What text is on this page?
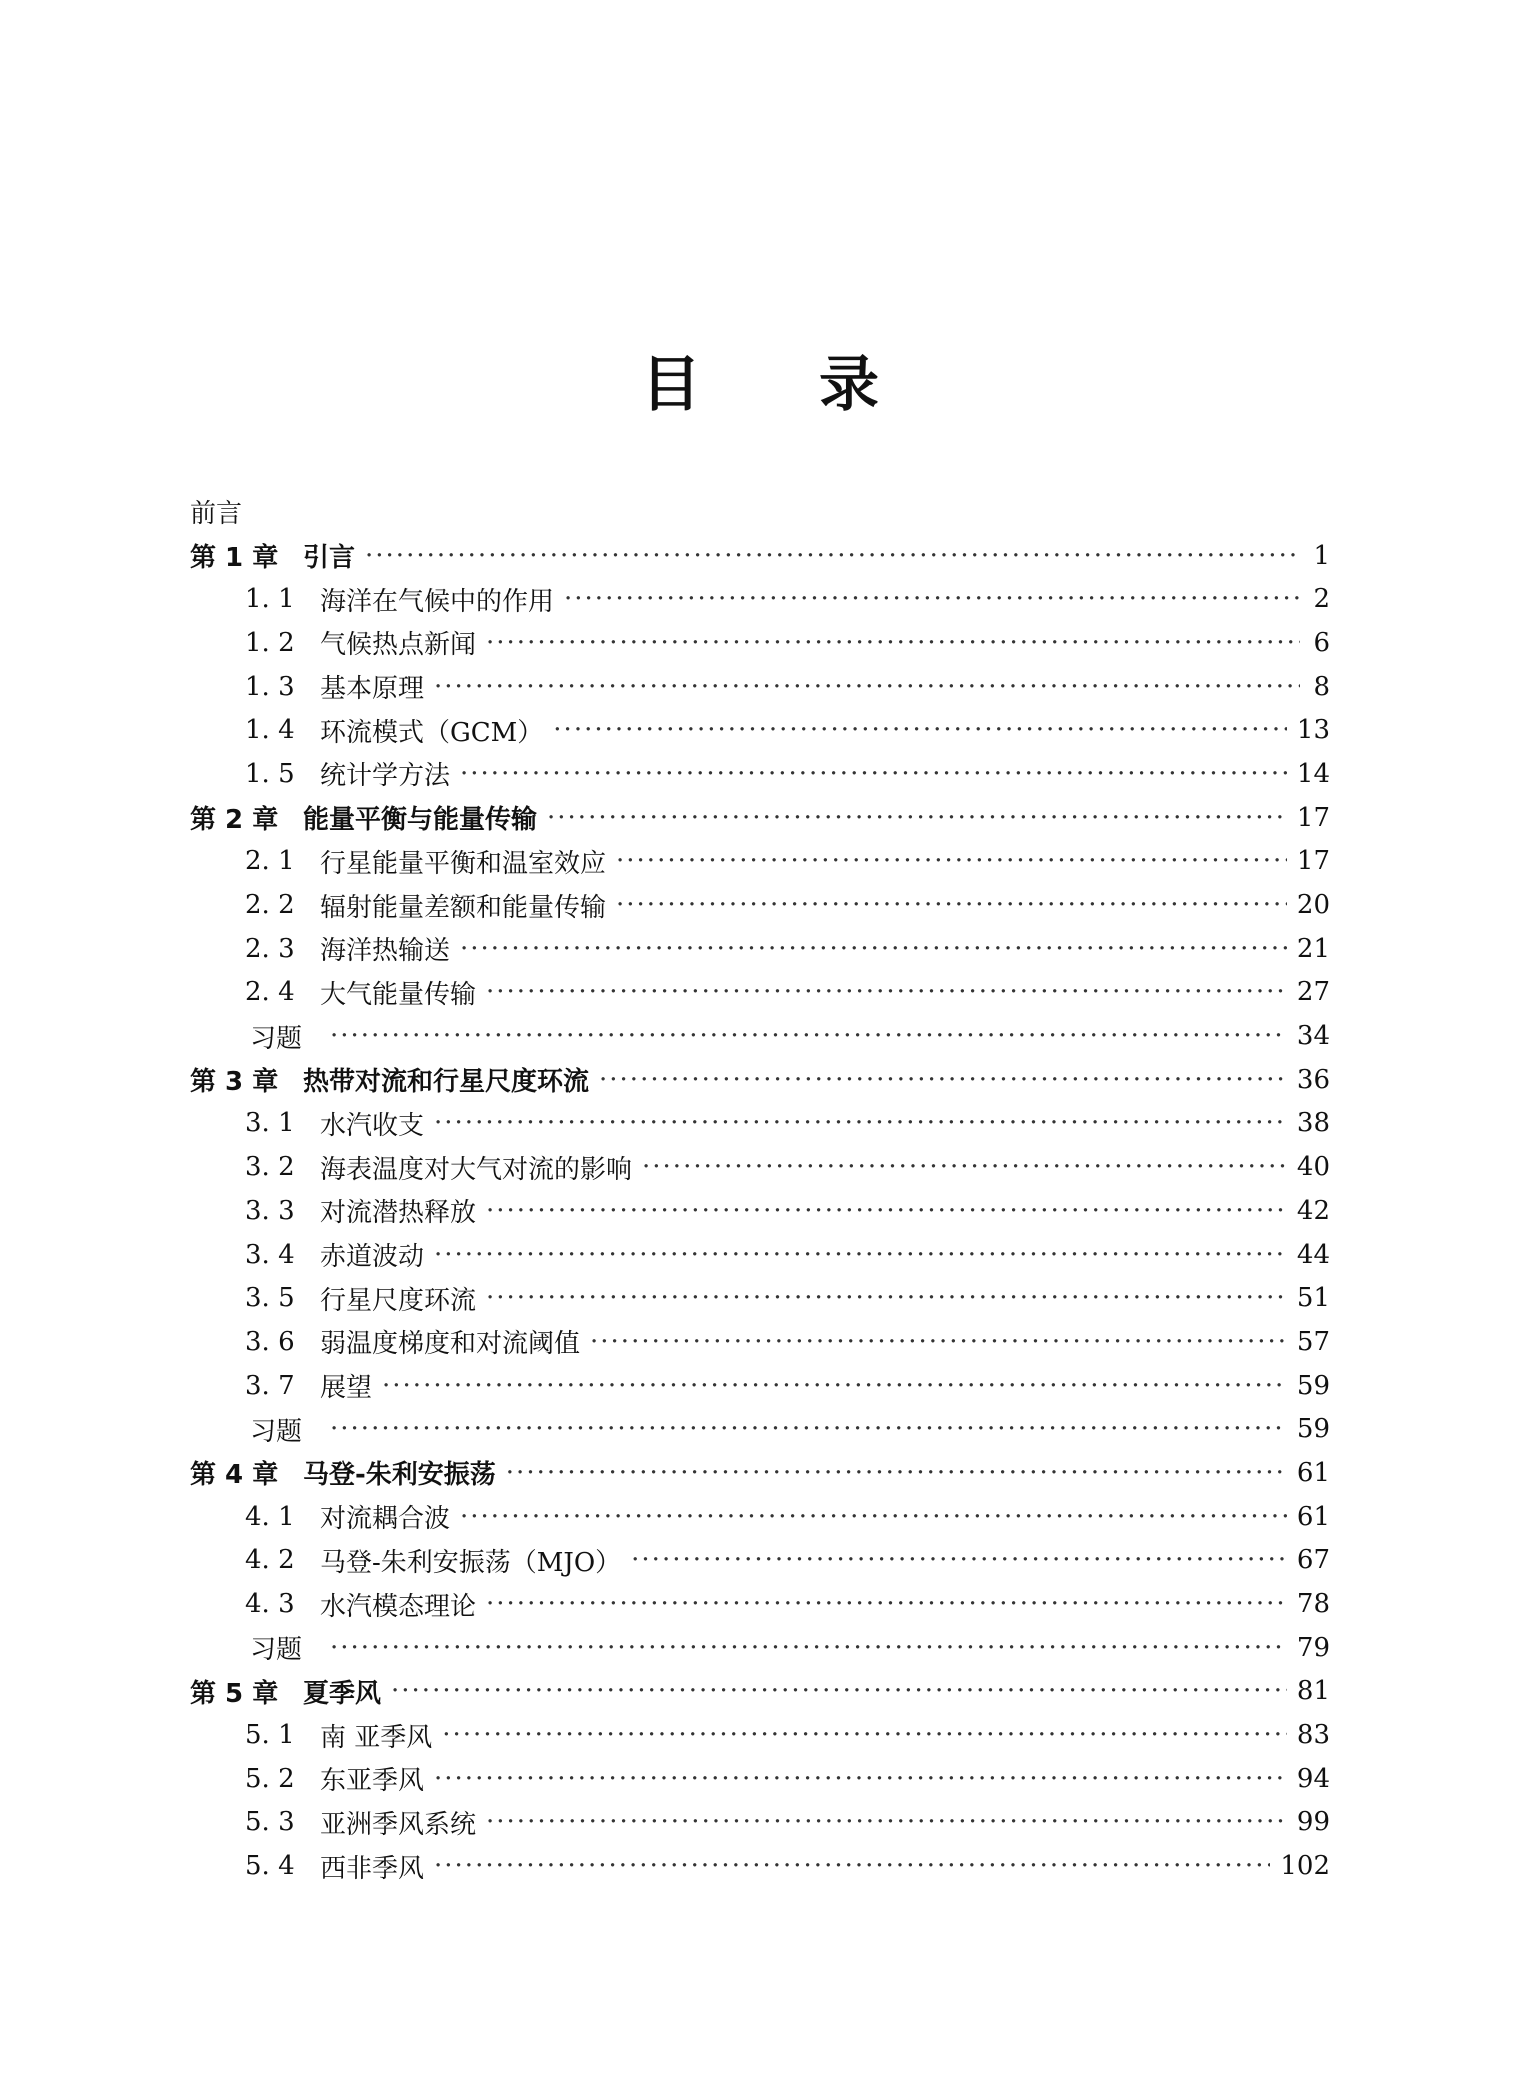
目 录
前言
第 1 章 引言 ·····	1
1. 1 海洋在气候中的作用 ·····	2
1. 2 气候热点新闻 ·····	6
1. 3 基本原理 ·····	8
1. 4 环流模式（GCM） ·····	13
1. 5 统计学方法 ·····	14
第 2 章 能量平衡与能量传输 ·····	17
2. 1 行星能量平衡和温室效应 ·····	17
2. 2 辐射能量差额和能量传输 ·····	20
2. 3 海洋热输送 ·····	21
2. 4 大气能量传输 ·····	27
习题 ·····	34
第 3 章 热带对流和行星尺度环流 ·····	36
3. 1 水汽收支 ·····	38
3. 2 海表温度对大气对流的影响 ·····	40
3. 3 对流潜热释放 ·····	42
3. 4 赤道波动 ·····	44
3. 5 行星尺度环流 ·····	51
3. 6 弱温度梯度和对流阈值 ·····	57
3. 7 展望 ·····	59
习题 ·····	59
第 4 章 马登-朱利安振荡 ·····	61
4. 1 对流耦合波 ·····	61
4. 2 马登-朱利安振荡（MJO） ·····	67
4. 3 水汽模态理论 ·····	78
习题 ·····	79
第 5 章 夏季风 ·····	81
5. 1 南 亚季风 ·····	83
5. 2 东亚季风 ·····	94
5. 3 亚洲季风系统 ·····	99
5. 4 西非季风 ·····	102
